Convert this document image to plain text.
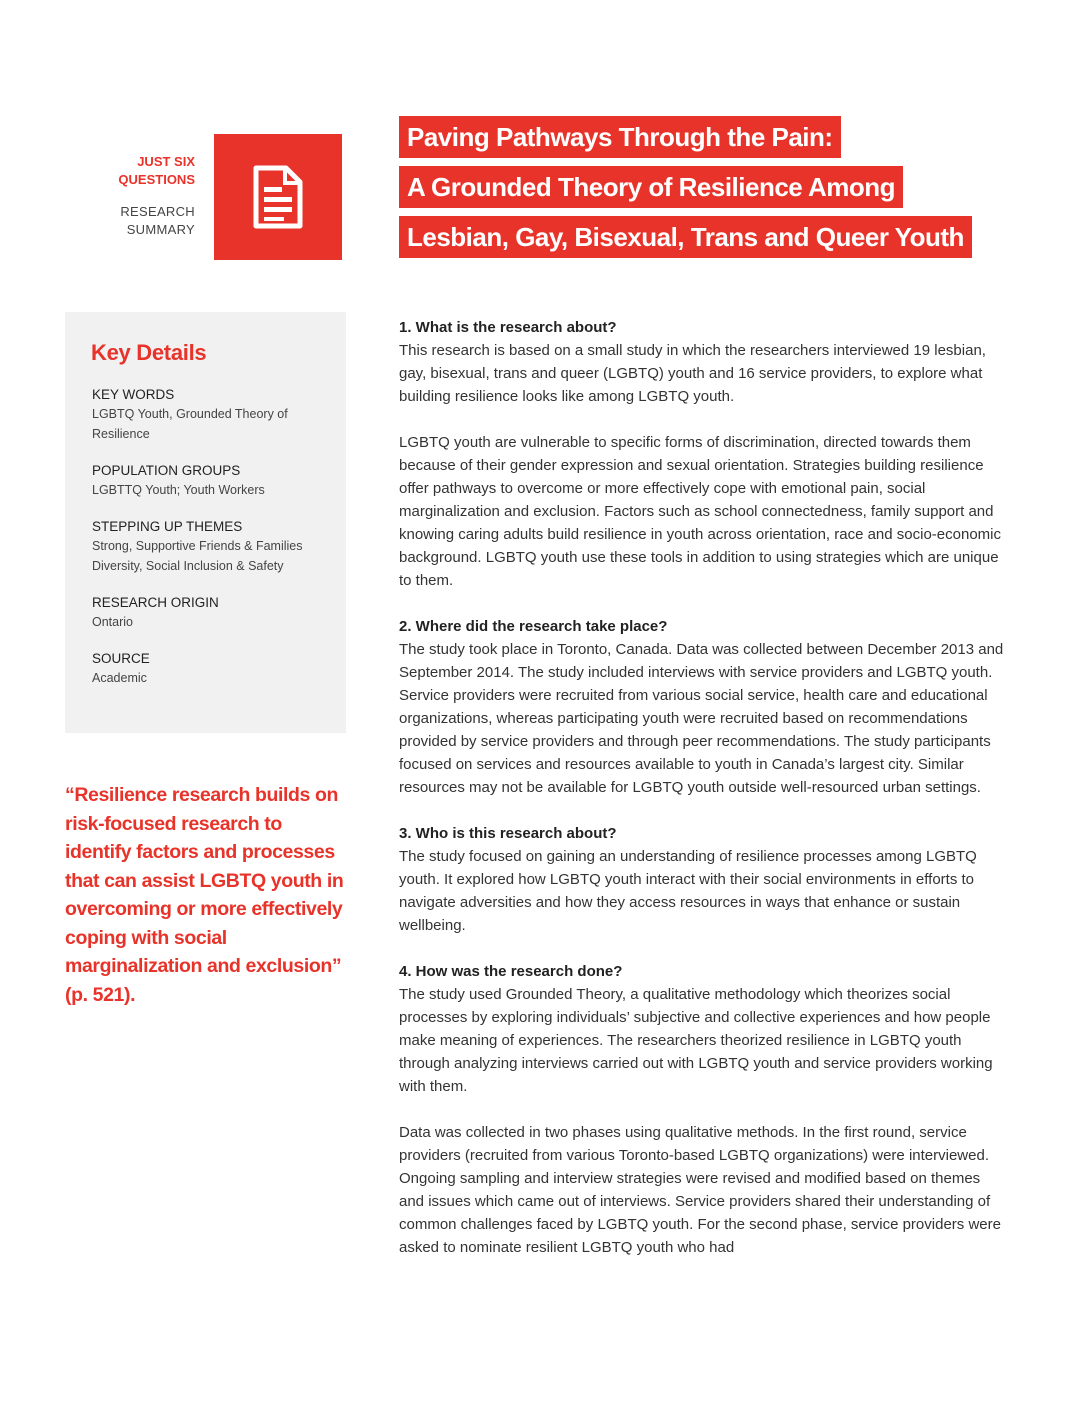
JUST SIX
QUESTIONS
RESEARCH
SUMMARY
Paving Pathways Through the Pain:
A Grounded Theory of Resilience Among
Lesbian, Gay, Bisexual, Trans and Queer Youth
Key Details
KEY WORDS
LGBTQ Youth, Grounded Theory of Resilience
POPULATION GROUPS
LGBTTQ Youth; Youth Workers
STEPPING UP THEMES
Strong, Supportive Friends & Families
Diversity, Social Inclusion & Safety
RESEARCH ORIGIN
Ontario
SOURCE
Academic
“Resilience research builds on risk-focused research to identify factors and processes that can assist LGBTQ youth in overcoming or more effectively coping with social marginalization and exclusion” (p. 521).
1. What is the research about?

This research is based on a small study in which the researchers interviewed 19 lesbian, gay, bisexual, trans and queer (LGBTQ) youth and 16 service providers, to explore what building resilience looks like among LGBTQ youth.

LGBTQ youth are vulnerable to specific forms of discrimination, directed towards them because of their gender expression and sexual orientation. Strategies building resilience offer pathways to overcome or more effectively cope with emotional pain, social marginalization and exclusion. Factors such as school connectedness, family support and knowing caring adults build resilience in youth across orientation, race and socio-economic background. LGBTQ youth use these tools in addition to using strategies which are unique to them.

2. Where did the research take place?

The study took place in Toronto, Canada. Data was collected between December 2013 and September 2014. The study included interviews with service providers and LGBTQ youth. Service providers were recruited from various social service, health care and educational organizations, whereas participating youth were recruited based on recommendations provided by service providers and through peer recommendations. The study participants focused on services and resources available to youth in Canada’s largest city. Similar resources may not be available for LGBTQ youth outside well-resourced urban settings.

3. Who is this research about?

The study focused on gaining an understanding of resilience processes among LGBTQ youth. It explored how LGBTQ youth interact with their social environments in efforts to navigate adversities and how they access resources in ways that enhance or sustain wellbeing.

4. How was the research done?

The study used Grounded Theory, a qualitative methodology which theorizes social processes by exploring individuals’ subjective and collective experiences and how people make meaning of experiences. The researchers theorized resilience in LGBTQ youth through analyzing interviews carried out with LGBTQ youth and service providers working with them.

Data was collected in two phases using qualitative methods. In the first round, service providers (recruited from various Toronto-based LGBTQ organizations) were interviewed. Ongoing sampling and interview strategies were revised and modified based on themes and issues which came out of interviews. Service providers shared their understanding of common challenges faced by LGBTQ youth. For the second phase, service providers were asked to nominate resilient LGBTQ youth who had
